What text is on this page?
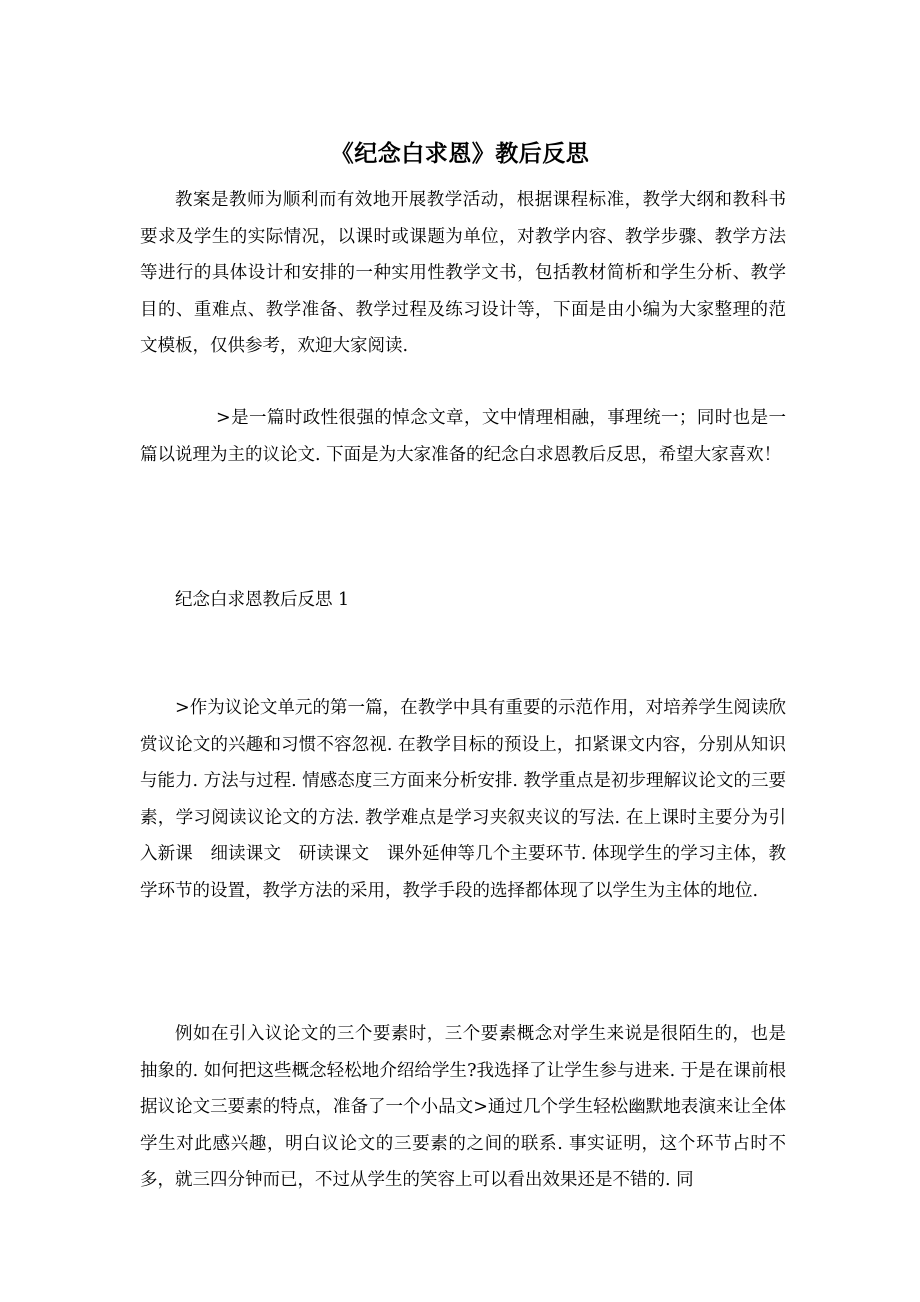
《纪念白求恩》教后反思
教案是教师为顺利而有效地开展教学活动，根据课程标准，教学大纲和教科书要求及学生的实际情况，以课时或课题为单位，对教学内容、教学步骤、教学方法等进行的具体设计和安排的一种实用性教学文书，包括教材简析和学生分析、教学目的、重难点、教学准备、教学过程及练习设计等，下面是由小编为大家整理的范文模板，仅供参考，欢迎大家阅读.
>是一篇时政性很强的悼念文章，文中情理相融，事理统一；同时也是一篇以说理为主的议论文. 下面是为大家准备的纪念白求恩教后反思，希望大家喜欢！
纪念白求恩教后反思 1
>作为议论文单元的第一篇，在教学中具有重要的示范作用，对培养学生阅读欣赏议论文的兴趣和习惯不容忽视. 在教学目标的预设上，扣紧课文内容，分别从知识与能力. 方法与过程. 情感态度三方面来分析安排. 教学重点是初步理解议论文的三要素，学习阅读议论文的方法. 教学难点是学习夹叙夹议的写法. 在上课时主要分为引入新课　细读课文　研读课文　课外延伸等几个主要环节. 体现学生的学习主体，教学环节的设置，教学方法的采用，教学手段的选择都体现了以学生为主体的地位.
例如在引入议论文的三个要素时，三个要素概念对学生来说是很陌生的，也是抽象的. 如何把这些概念轻松地介绍给学生?我选择了让学生参与进来. 于是在课前根据议论文三要素的特点，准备了一个小品文>通过几个学生轻松幽默地表演来让全体学生对此感兴趣，明白议论文的三要素的之间的联系. 事实证明，这个环节占时不多，就三四分钟而已，不过从学生的笑容上可以看出效果还是不错的. 同
